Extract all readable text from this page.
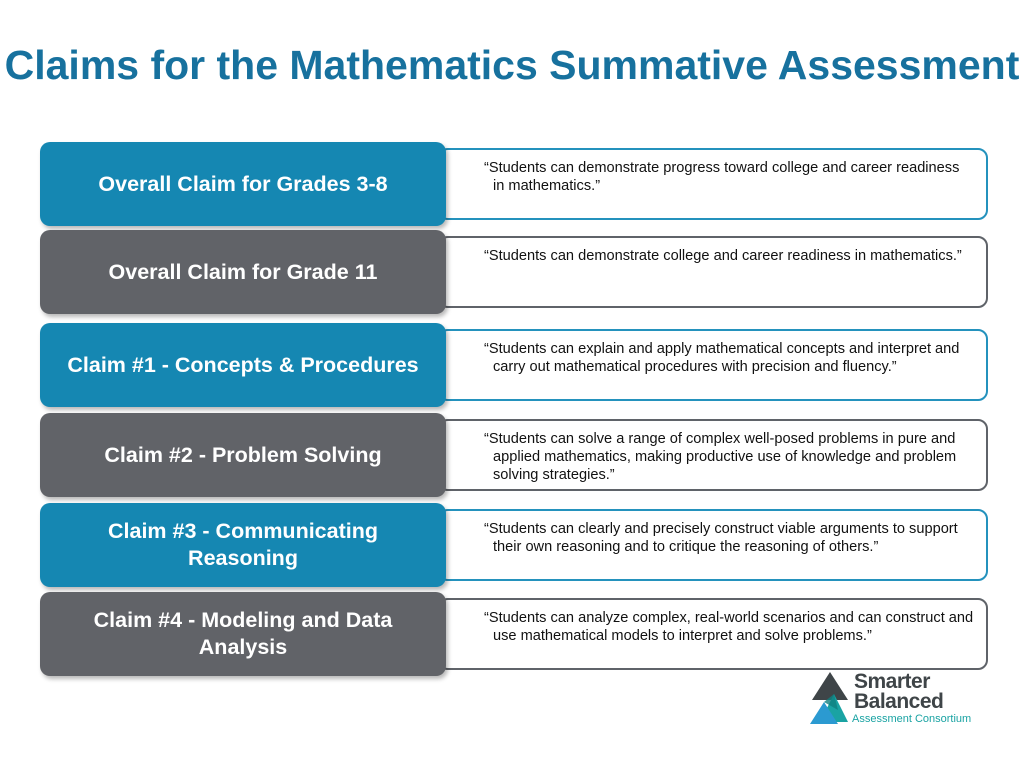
Claims for the Mathematics Summative Assessment
“Students can demonstrate progress toward college and career readiness in mathematics.”
Overall Claim for Grades 3-8
“Students can demonstrate college and career readiness in mathematics.”
Overall Claim for Grade 11
“Students can explain and apply mathematical concepts and interpret and carry out mathematical procedures with precision and fluency.”
Claim #1 - Concepts & Procedures
“Students can solve a range of complex well-posed problems in pure and applied mathematics, making productive use of knowledge and problem solving strategies.”
Claim #2 - Problem Solving
“Students can clearly and precisely construct viable arguments to support their own reasoning and to critique the reasoning of others.”
Claim #3 - Communicating Reasoning
“Students can analyze complex, real-world scenarios and can construct and use mathematical models to interpret and solve problems.”
Claim #4 - Modeling and Data Analysis
Smarter
Balanced
Assessment Consortium
